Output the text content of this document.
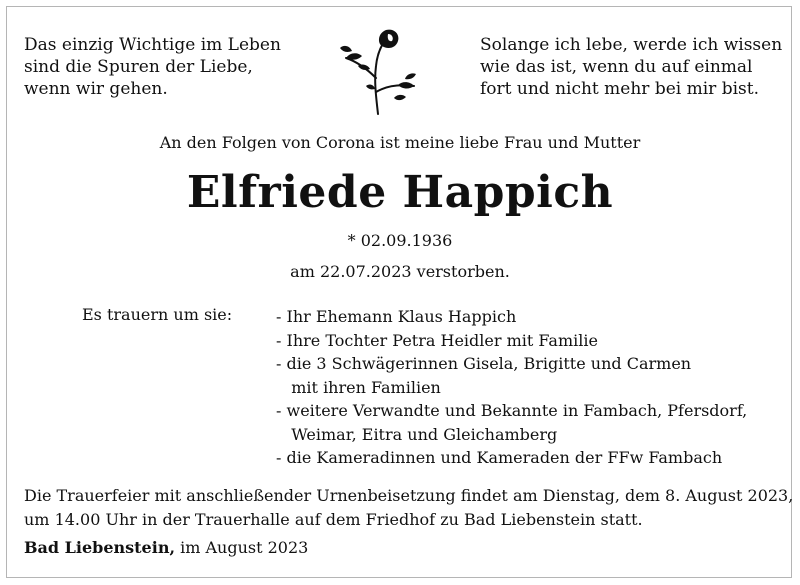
Das einzig Wichtige im Leben
sind die Spuren der Liebe,
wenn wir gehen.
Solange ich lebe, werde ich wissen
wie das ist, wenn du auf einmal
fort und nicht mehr bei mir bist.
An den Folgen von Corona ist meine liebe Frau und Mutter
Elfriede Happich
* 02.09.1936
am 22.07.2023 verstorben.
Es trauern um sie:	- Ihr Ehemann Klaus Happich
- Ihre Tochter Petra Heidler mit Familie
- die 3 Schwägerinnen Gisela, Brigitte und Carmen
mit ihren Familien
- weitere Verwandte und Bekannte in Fambach, Pfersdorf,
Weimar, Eitra und Gleichamberg
- die Kameradinnen und Kameraden der FFw Fambach
Die Trauerfeier mit anschließender Urnenbeisetzung findet am Dienstag, dem 8. August 2023,
um 14.00 Uhr in der Trauerhalle auf dem Friedhof zu Bad Liebenstein statt.
Bad Liebenstein, im August 2023
